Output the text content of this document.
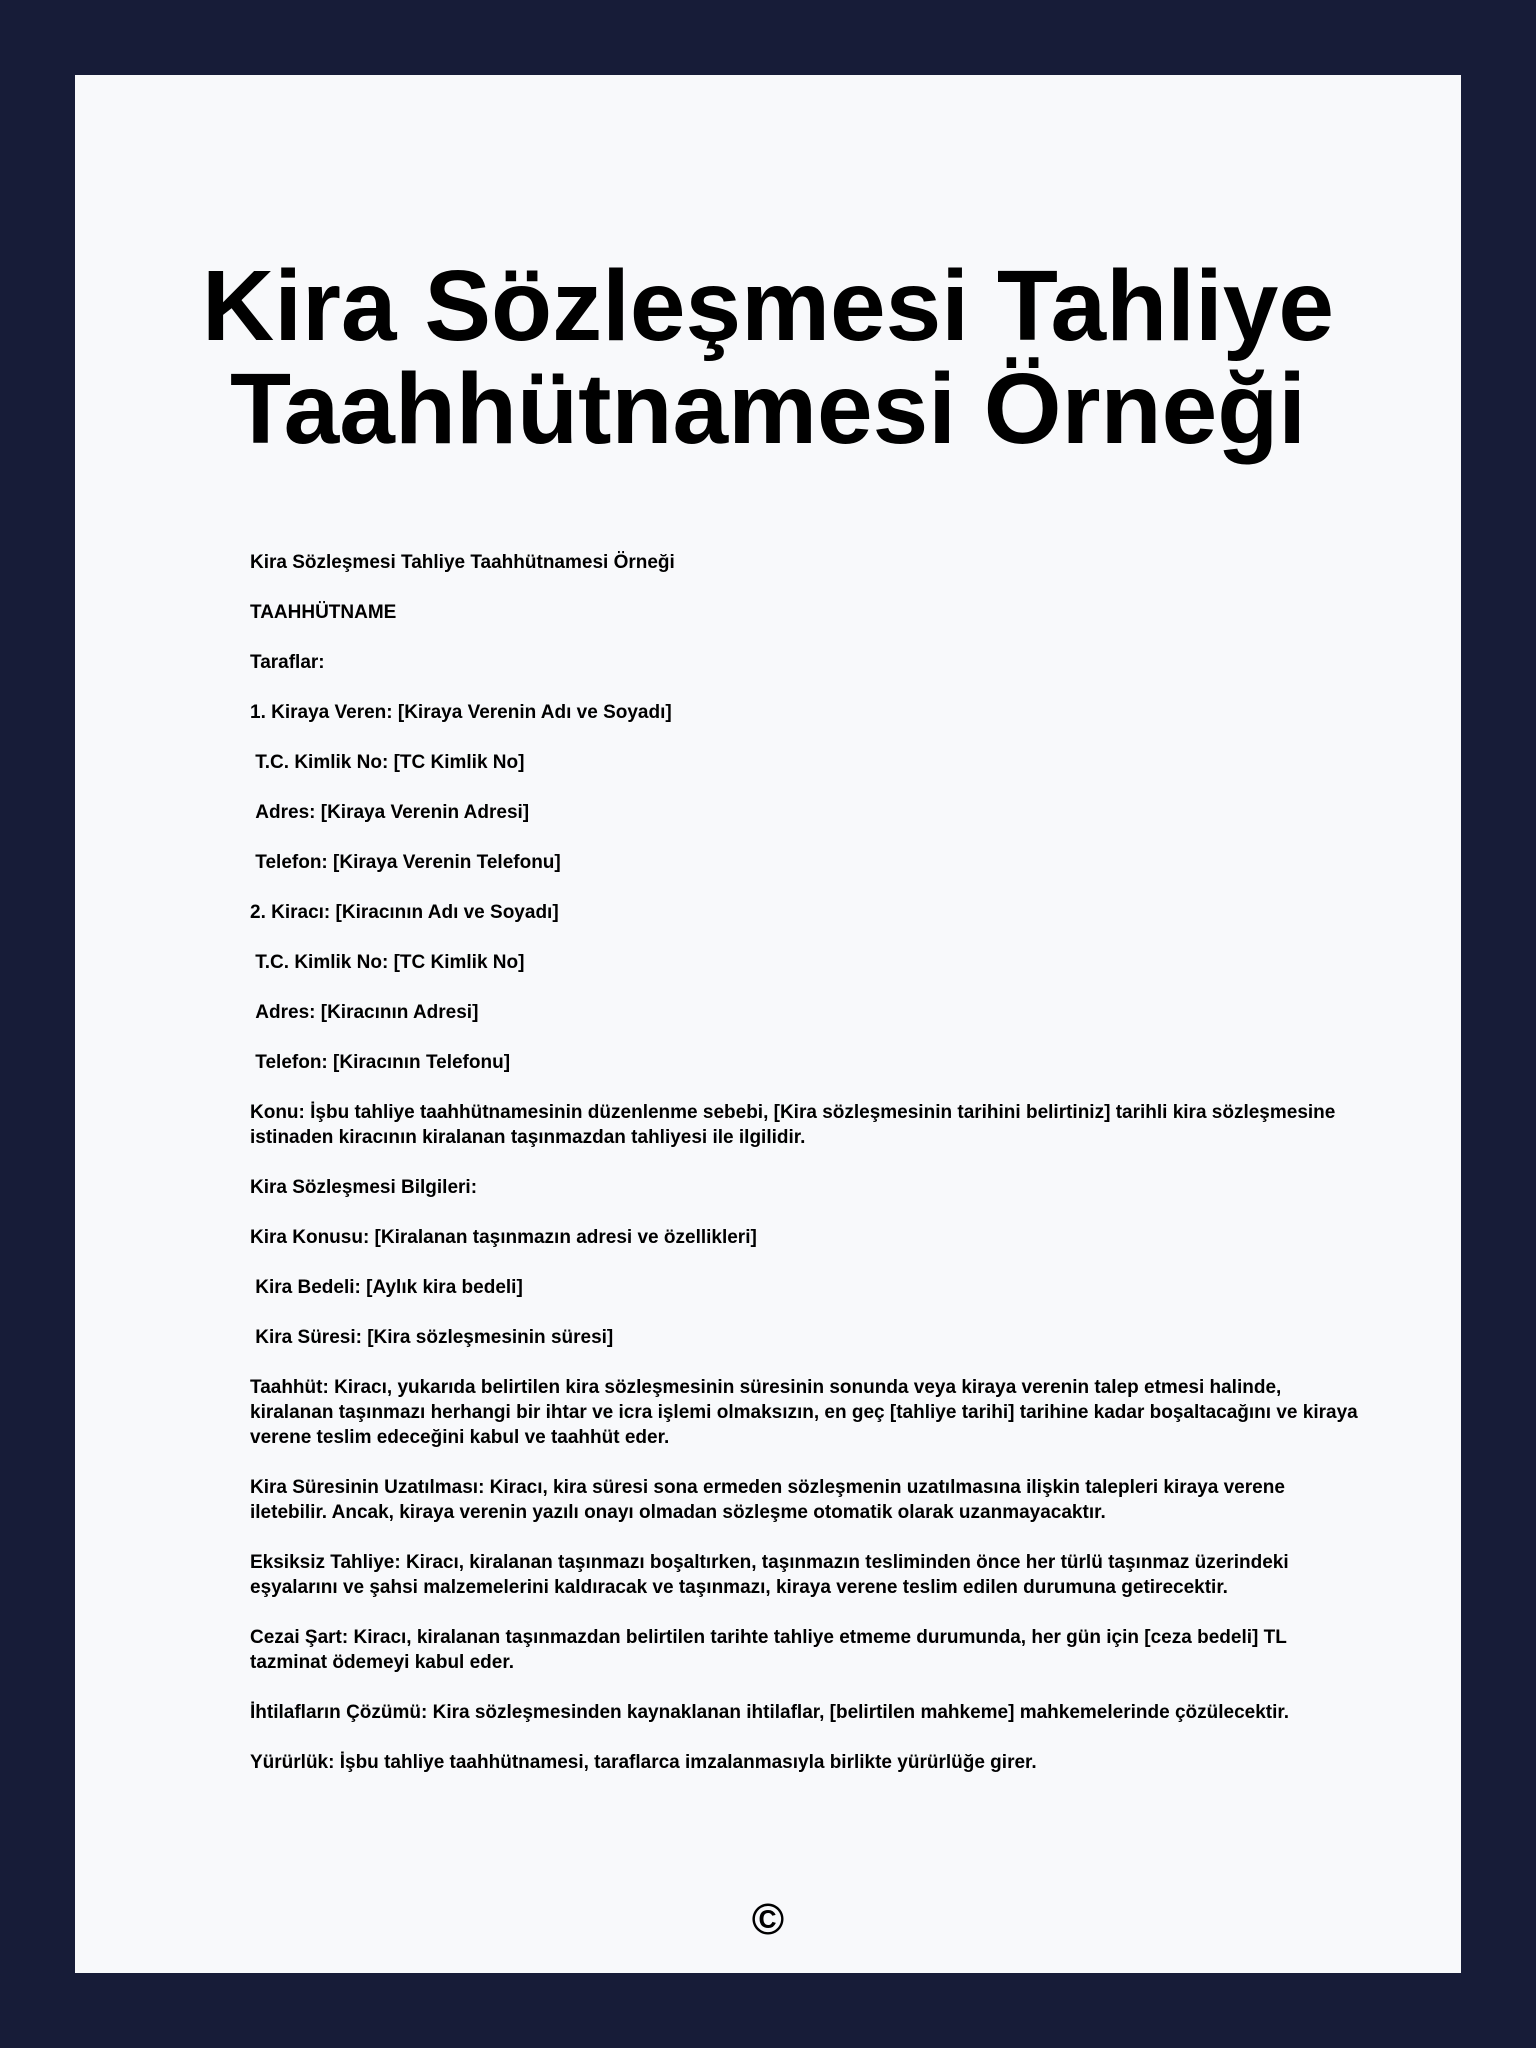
Kira Sözleşmesi Tahliye
Taahhütnamesi Örneği

Kira Sözleşmesi Tahliye Taahhütnamesi Örneği

TAAHHÜTNAME

Taraflar:

1. Kiraya Veren: [Kiraya Verenin Adı ve Soyadı]

T.C. Kimlik No: [TC Kimlik No]

Adres: [Kiraya Verenin Adresi]

Telefon: [Kiraya Verenin Telefonu]

2. Kiracı: [Kiracının Adı ve Soyadı]

T.C. Kimlik No: [TC Kimlik No]

Adres: [Kiracının Adresi]

Telefon: [Kiracının Telefonu]

Konu: İşbu tahliye taahhütnamesinin düzenlenme sebebi, [Kira sözleşmesinin tarihini belirtiniz] tarihli kira sözleşmesine istinaden kiracının kiralanan taşınmazdan tahliyesi ile ilgilidir.

Kira Sözleşmesi Bilgileri:

Kira Konusu: [Kiralanan taşınmazın adresi ve özellikleri]

Kira Bedeli: [Aylık kira bedeli]

Kira Süresi: [Kira sözleşmesinin süresi]

Taahhüt: Kiracı, yukarıda belirtilen kira sözleşmesinin süresinin sonunda veya kiraya verenin talep etmesi halinde, kiralanan taşınmazı herhangi bir ihtar ve icra işlemi olmaksızın, en geç [tahliye tarihi] tarihine kadar boşaltacağını ve kiraya verene teslim edeceğini kabul ve taahhüt eder.

Kira Süresinin Uzatılması: Kiracı, kira süresi sona ermeden sözleşmenin uzatılmasına ilişkin talepleri kiraya verene iletebilir. Ancak, kiraya verenin yazılı onayı olmadan sözleşme otomatik olarak uzanmayacaktır.

Eksiksiz Tahliye: Kiracı, kiralanan taşınmazı boşaltırken, taşınmazın tesliminden önce her türlü taşınmaz üzerindeki eşyalarını ve şahsi malzemelerini kaldıracak ve taşınmazı, kiraya verene teslim edilen durumuna getirecektir.

Cezai Şart: Kiracı, kiralanan taşınmazdan belirtilen tarihte tahliye etmeme durumunda, her gün için [ceza bedeli] TL tazminat ödemeyi kabul eder.

İhtilafların Çözümü: Kira sözleşmesinden kaynaklanan ihtilaflar, [belirtilen mahkeme] mahkemelerinde çözülecektir.

Yürürlük: İşbu tahliye taahhütnamesi, taraflarca imzalanmasıyla birlikte yürürlüğe girer.

©
